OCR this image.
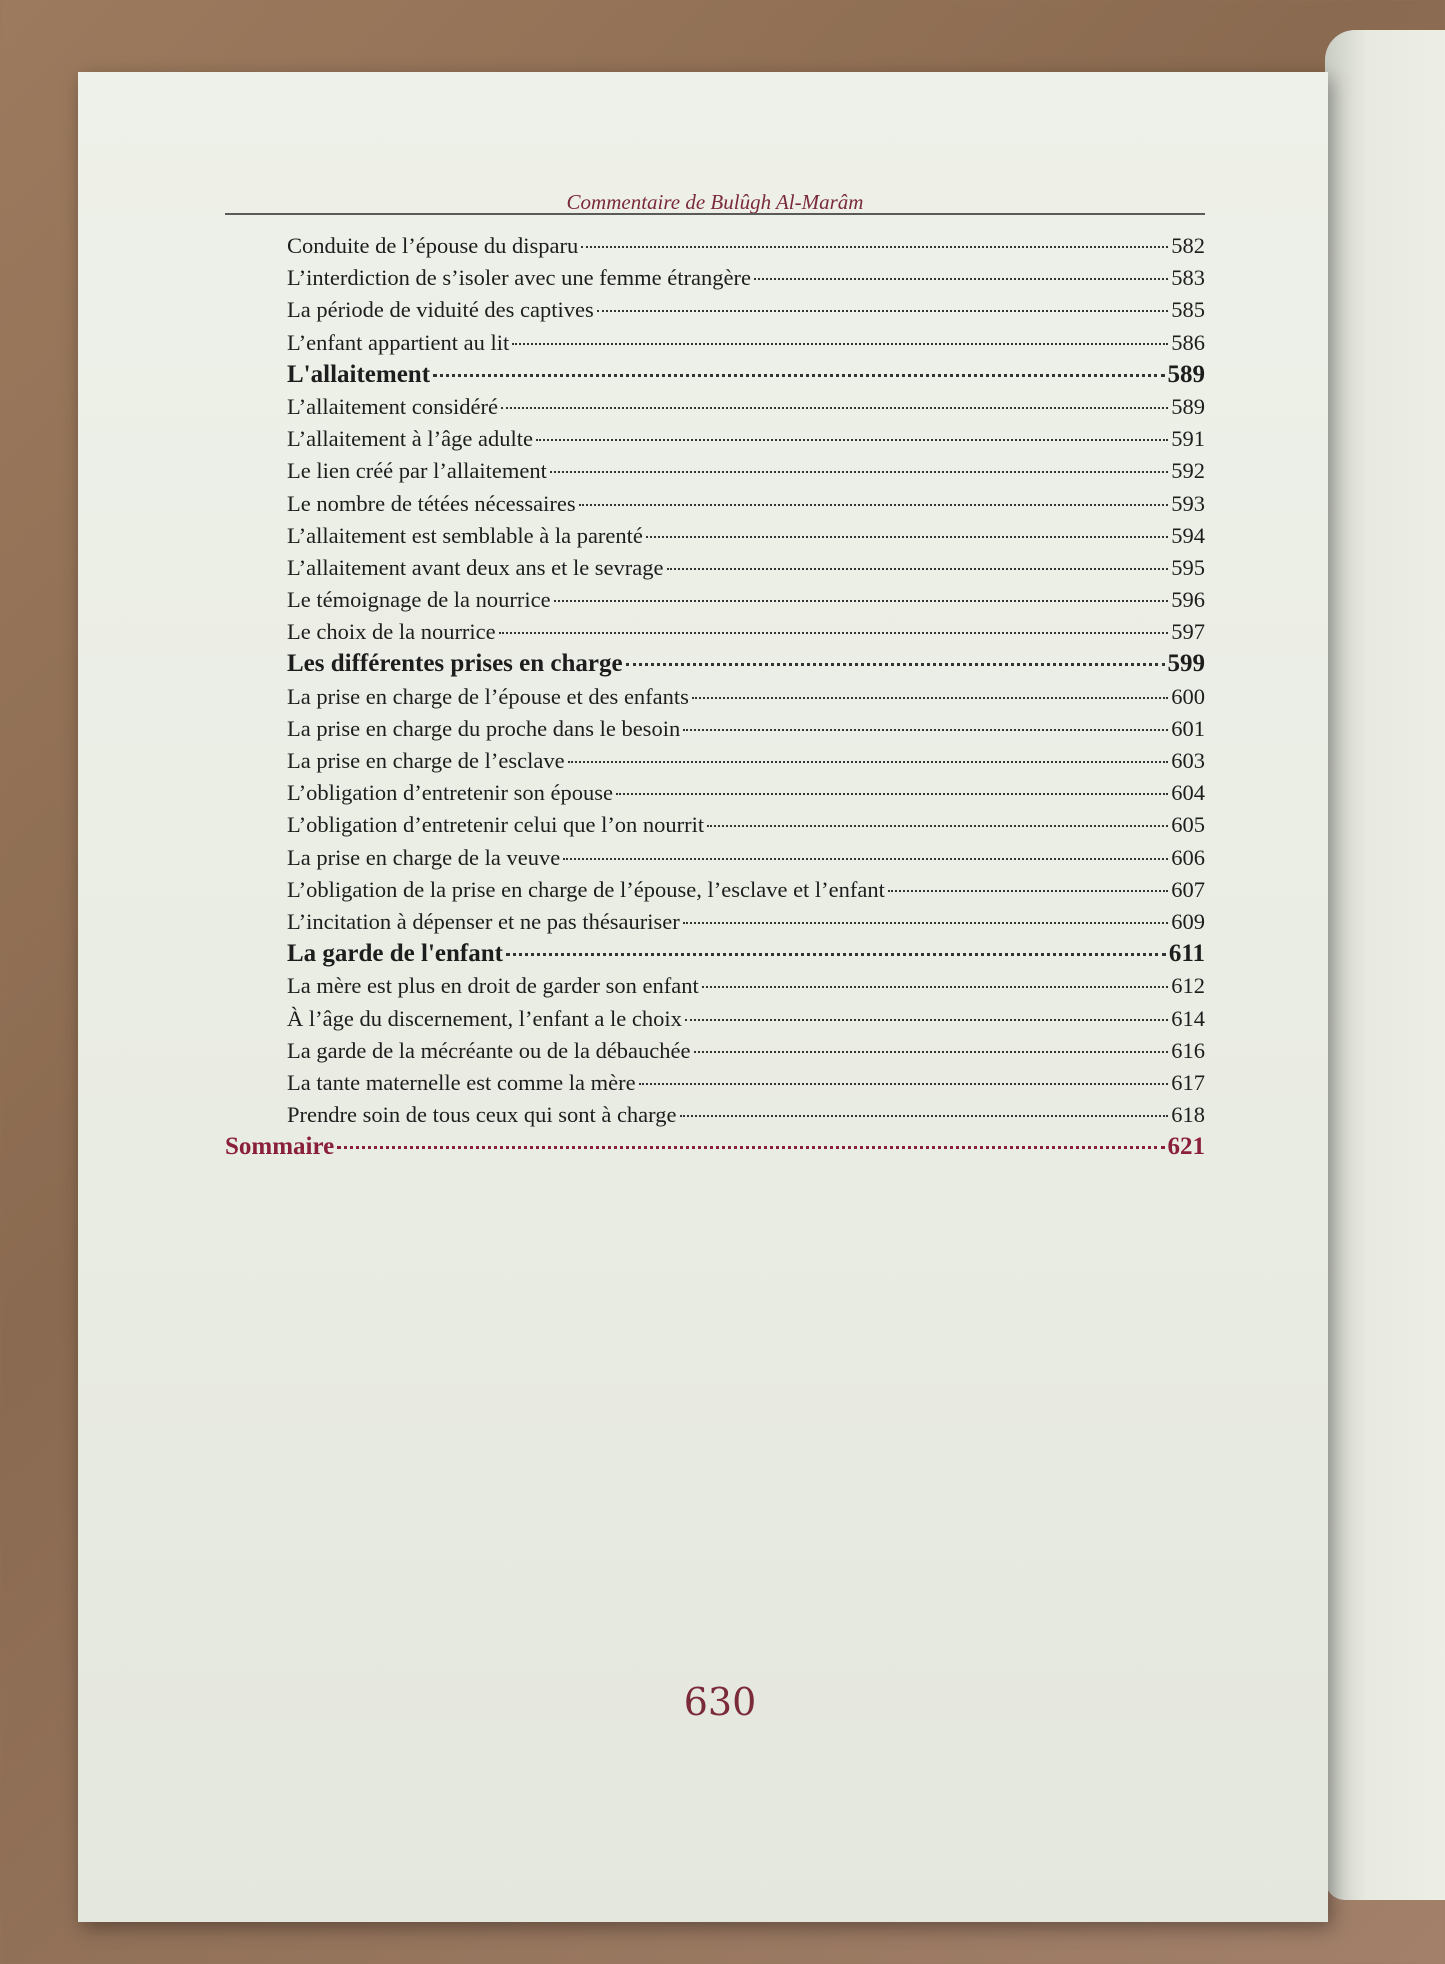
Commentaire de Bulûgh Al-Marâm
Conduite de l’épouse du disparu	582
L’interdiction de s’isoler avec une femme étrangère	583
La période de viduité des captives	585
L’enfant appartient au lit	586
L'allaitement	589
L’allaitement considéré	589
L’allaitement à l’âge adulte	591
Le lien créé par l’allaitement	592
Le nombre de tétées nécessaires	593
L’allaitement est semblable à la parenté	594
L’allaitement avant deux ans et le sevrage	595
Le témoignage de la nourrice	596
Le choix de la nourrice	597
Les différentes prises en charge	599
La prise en charge de l’épouse et des enfants	600
La prise en charge du proche dans le besoin	601
La prise en charge de l’esclave	603
L’obligation d’entretenir son épouse	604
L’obligation d’entretenir celui que l’on nourrit	605
La prise en charge de la veuve	606
L’obligation de la prise en charge de l’épouse, l’esclave et l’enfant	607
L’incitation à dépenser et ne pas thésauriser	609
La garde de l'enfant	611
La mère est plus en droit de garder son enfant	612
À l’âge du discernement, l’enfant a le choix	614
La garde de la mécréante ou de la débauchée	616
La tante maternelle est comme la mère	617
Prendre soin de tous ceux qui sont à charge	618
Sommaire	621
630
